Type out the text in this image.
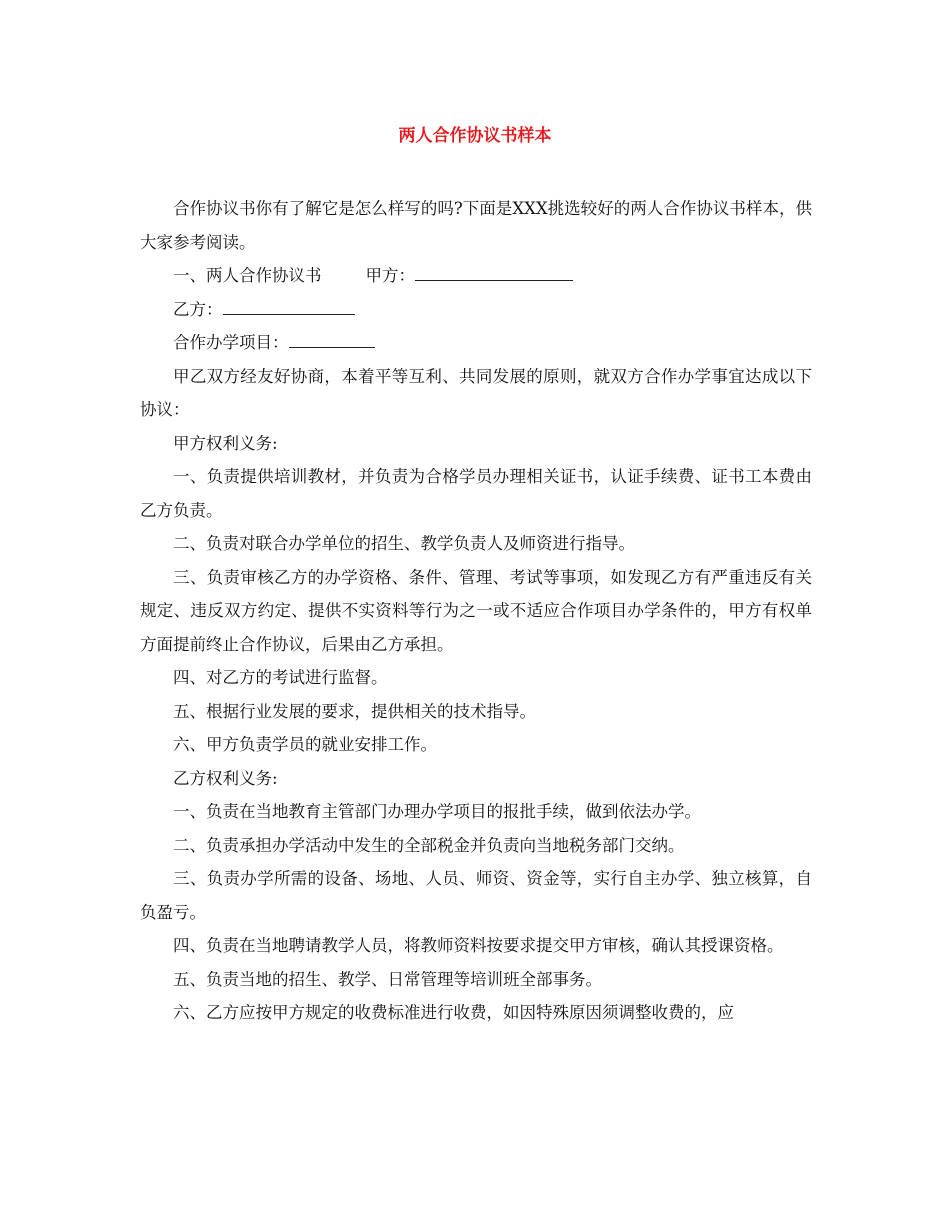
两人合作协议书样本

合作协议书你有了解它是怎么样写的吗?下面是XXX挑选较好的两人合作协议书样本，供大家参考阅读。

一、两人合作协议书	甲方：

乙方：

合作办学项目：

甲乙双方经友好协商，本着平等互利、共同发展的原则，就双方合作办学事宜达成以下协议：

甲方权利义务:

一、负责提供培训教材，并负责为合格学员办理相关证书，认证手续费、证书工本费由乙方负责。

二、负责对联合办学单位的招生、教学负责人及师资进行指导。

三、负责审核乙方的办学资格、条件、管理、考试等事项，如发现乙方有严重违反有关规定、违反双方约定、提供不实资料等行为之一或不适应合作项目办学条件的，甲方有权单方面提前终止合作协议，后果由乙方承担。

四、对乙方的考试进行监督。

五、根据行业发展的要求，提供相关的技术指导。

六、甲方负责学员的就业安排工作。

乙方权利义务:

一、负责在当地教育主管部门办理办学项目的报批手续，做到依法办学。

二、负责承担办学活动中发生的全部税金并负责向当地税务部门交纳。

三、负责办学所需的设备、场地、人员、师资、资金等，实行自主办学、独立核算，自负盈亏。

四、负责在当地聘请教学人员，将教师资料按要求提交甲方审核，确认其授课资格。

五、负责当地的招生、教学、日常管理等培训班全部事务。

六、乙方应按甲方规定的收费标准进行收费，如因特殊原因须调整收费的，应
